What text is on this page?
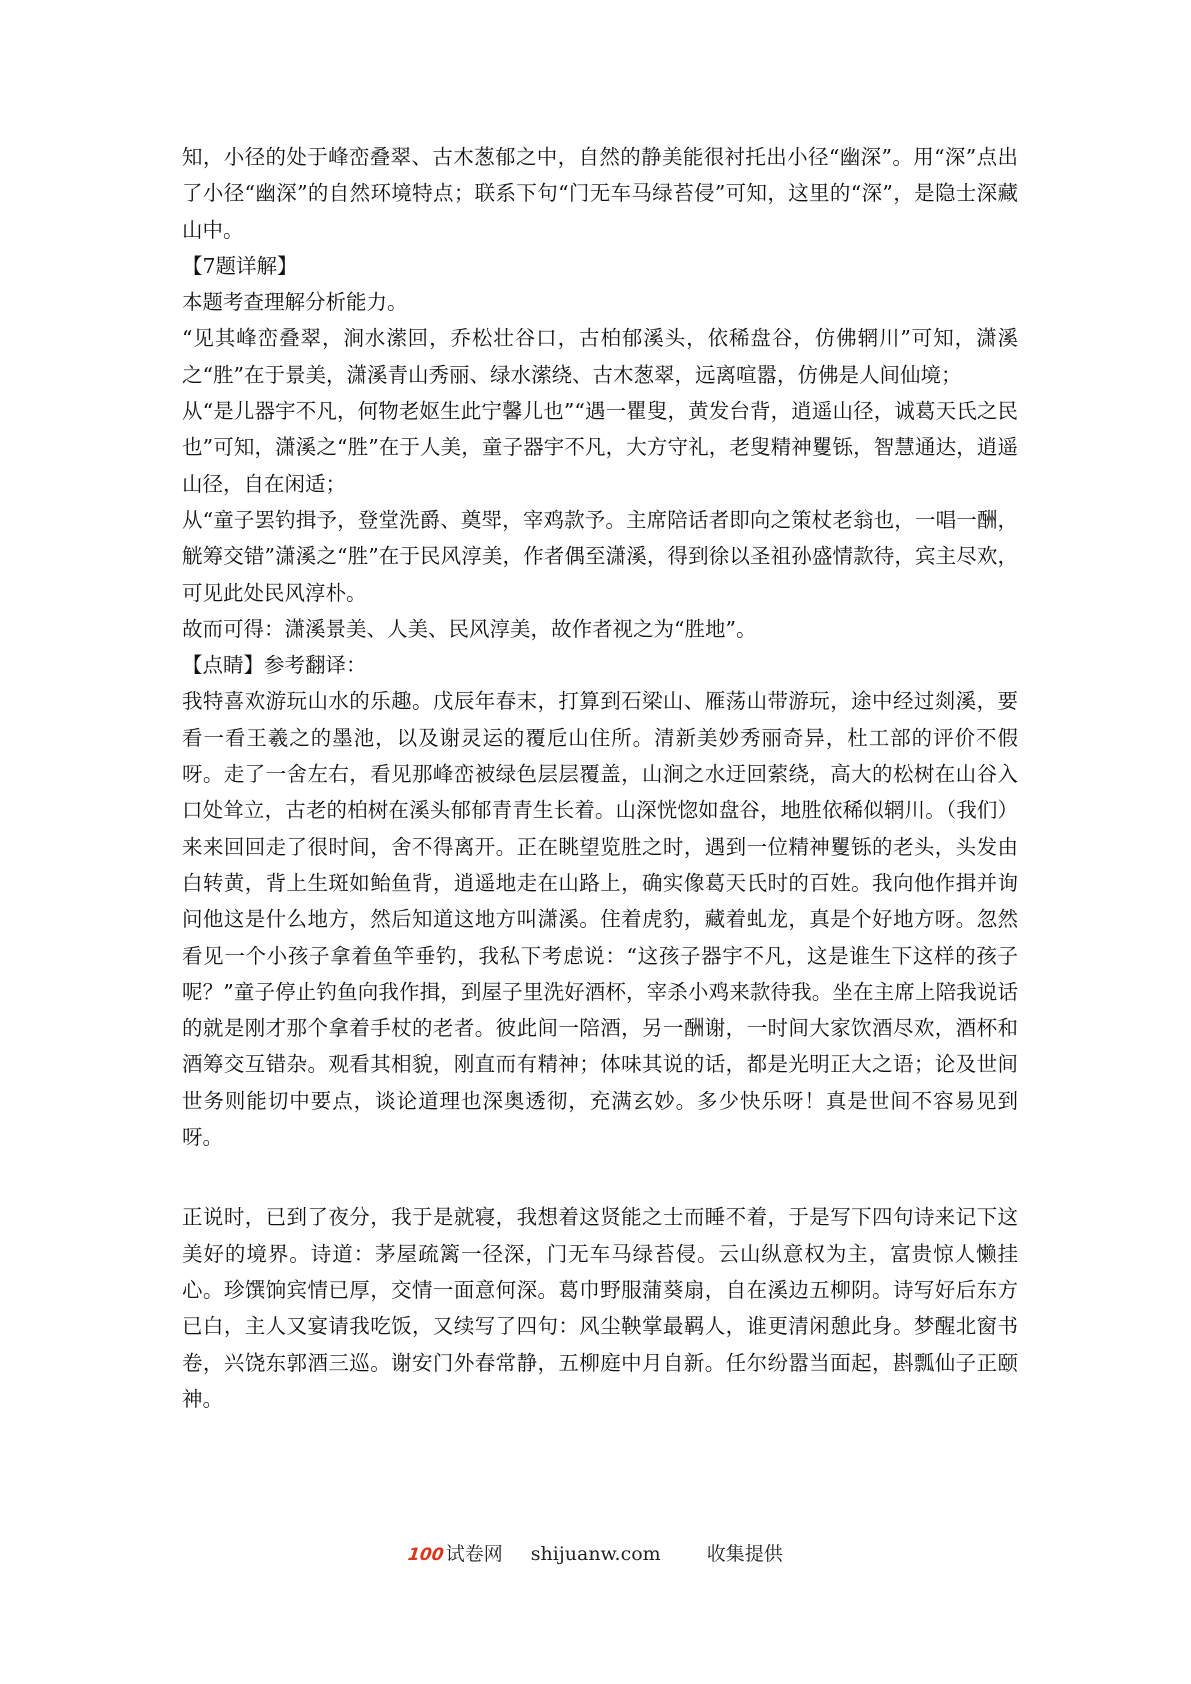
知，小径的处于峰峦叠翠、古木葱郁之中，自然的静美能很衬托出小径“幽深”。用“深”点出了小径“幽深”的自然环境特点；联系下句“门无车马绿苔侵”可知，这里的“深”，是隐士深藏山中。

【7题详解】

本题考查理解分析能力。

“见其峰峦叠翠，涧水潆回，乔松壮谷口，古柏郁溪头，依稀盘谷，仿佛辋川”可知，潇溪之“胜”在于景美，潇溪青山秀丽、绿水潆绕、古木葱翠，远离喧嚣，仿佛是人间仙境；

从“是儿器宇不凡，何物老妪生此宁馨儿也”“遇一瞿叟，黄发台背，逍遥山径，诚葛天氏之民也”可知，潇溪之“胜”在于人美，童子器宇不凡，大方守礼，老叟精神矍铄，智慧通达，逍遥山径，自在闲适；

从“童子罢钓揖予，登堂洗爵、奠斝，宰鸡款予。主席陪话者即向之策杖老翁也，一唱一酬，觥筹交错”潇溪之“胜”在于民风淳美，作者偶至潇溪，得到徐以圣祖孙盛情款待，宾主尽欢，可见此处民风淳朴。

故而可得：潇溪景美、人美、民风淳美，故作者视之为“胜地”。

【点睛】参考翻译：

我特喜欢游玩山水的乐趣。戊辰年春末，打算到石梁山、雁荡山带游玩，途中经过剡溪，要看一看王羲之的墨池，以及谢灵运的覆卮山住所。清新美妙秀丽奇异，杜工部的评价不假呀。走了一舍左右，看见那峰峦被绿色层层覆盖，山涧之水迂回萦绕，高大的松树在山谷入口处耸立，古老的柏树在溪头郁郁青青生长着。山深恍惚如盘谷，地胜依稀似辋川。（我们）来来回回走了很时间，舍不得离开。正在眺望览胜之时，遇到一位精神矍铄的老头，头发由白转黄，背上生斑如鲐鱼背，逍遥地走在山路上，确实像葛天氏时的百姓。我向他作揖并询问他这是什么地方，然后知道这地方叫潇溪。住着虎豹，藏着虬龙，真是个好地方呀。忽然看见一个小孩子拿着鱼竿垂钓，我私下考虑说：“这孩子器宇不凡，这是谁生下这样的孩子呢？”童子停止钓鱼向我作揖，到屋子里洗好酒杯，宰杀小鸡来款待我。坐在主席上陪我说话的就是刚才那个拿着手杖的老者。彼此间一陪酒，另一酬谢，一时间大家饮酒尽欢，酒杯和酒筹交互错杂。观看其相貌，刚直而有精神；体味其说的话，都是光明正大之语；论及世间世务则能切中要点，谈论道理也深奥透彻，充满玄妙。多少快乐呀！真是世间不容易见到呀。

正说时，已到了夜分，我于是就寝，我想着这贤能之士而睡不着，于是写下四句诗来记下这美好的境界。诗道：茅屋疏篱一径深，门无车马绿苔侵。云山纵意权为主，富贵惊人懒挂心。珍馔饷宾情已厚，交情一面意何深。葛巾野服蒲葵扇，自在溪边五柳阴。诗写好后东方已白，主人又宴请我吃饭，又续写了四句：风尘鞅掌最羁人，谁更清闲憩此身。梦醒北窗书卷，兴饶东郭酒三巡。谢安门外春常静，五柳庭中月自新。任尔纷嚣当面起，斟瓢仙子正颐神。

100试卷网 shijuanw.com 收集提供
